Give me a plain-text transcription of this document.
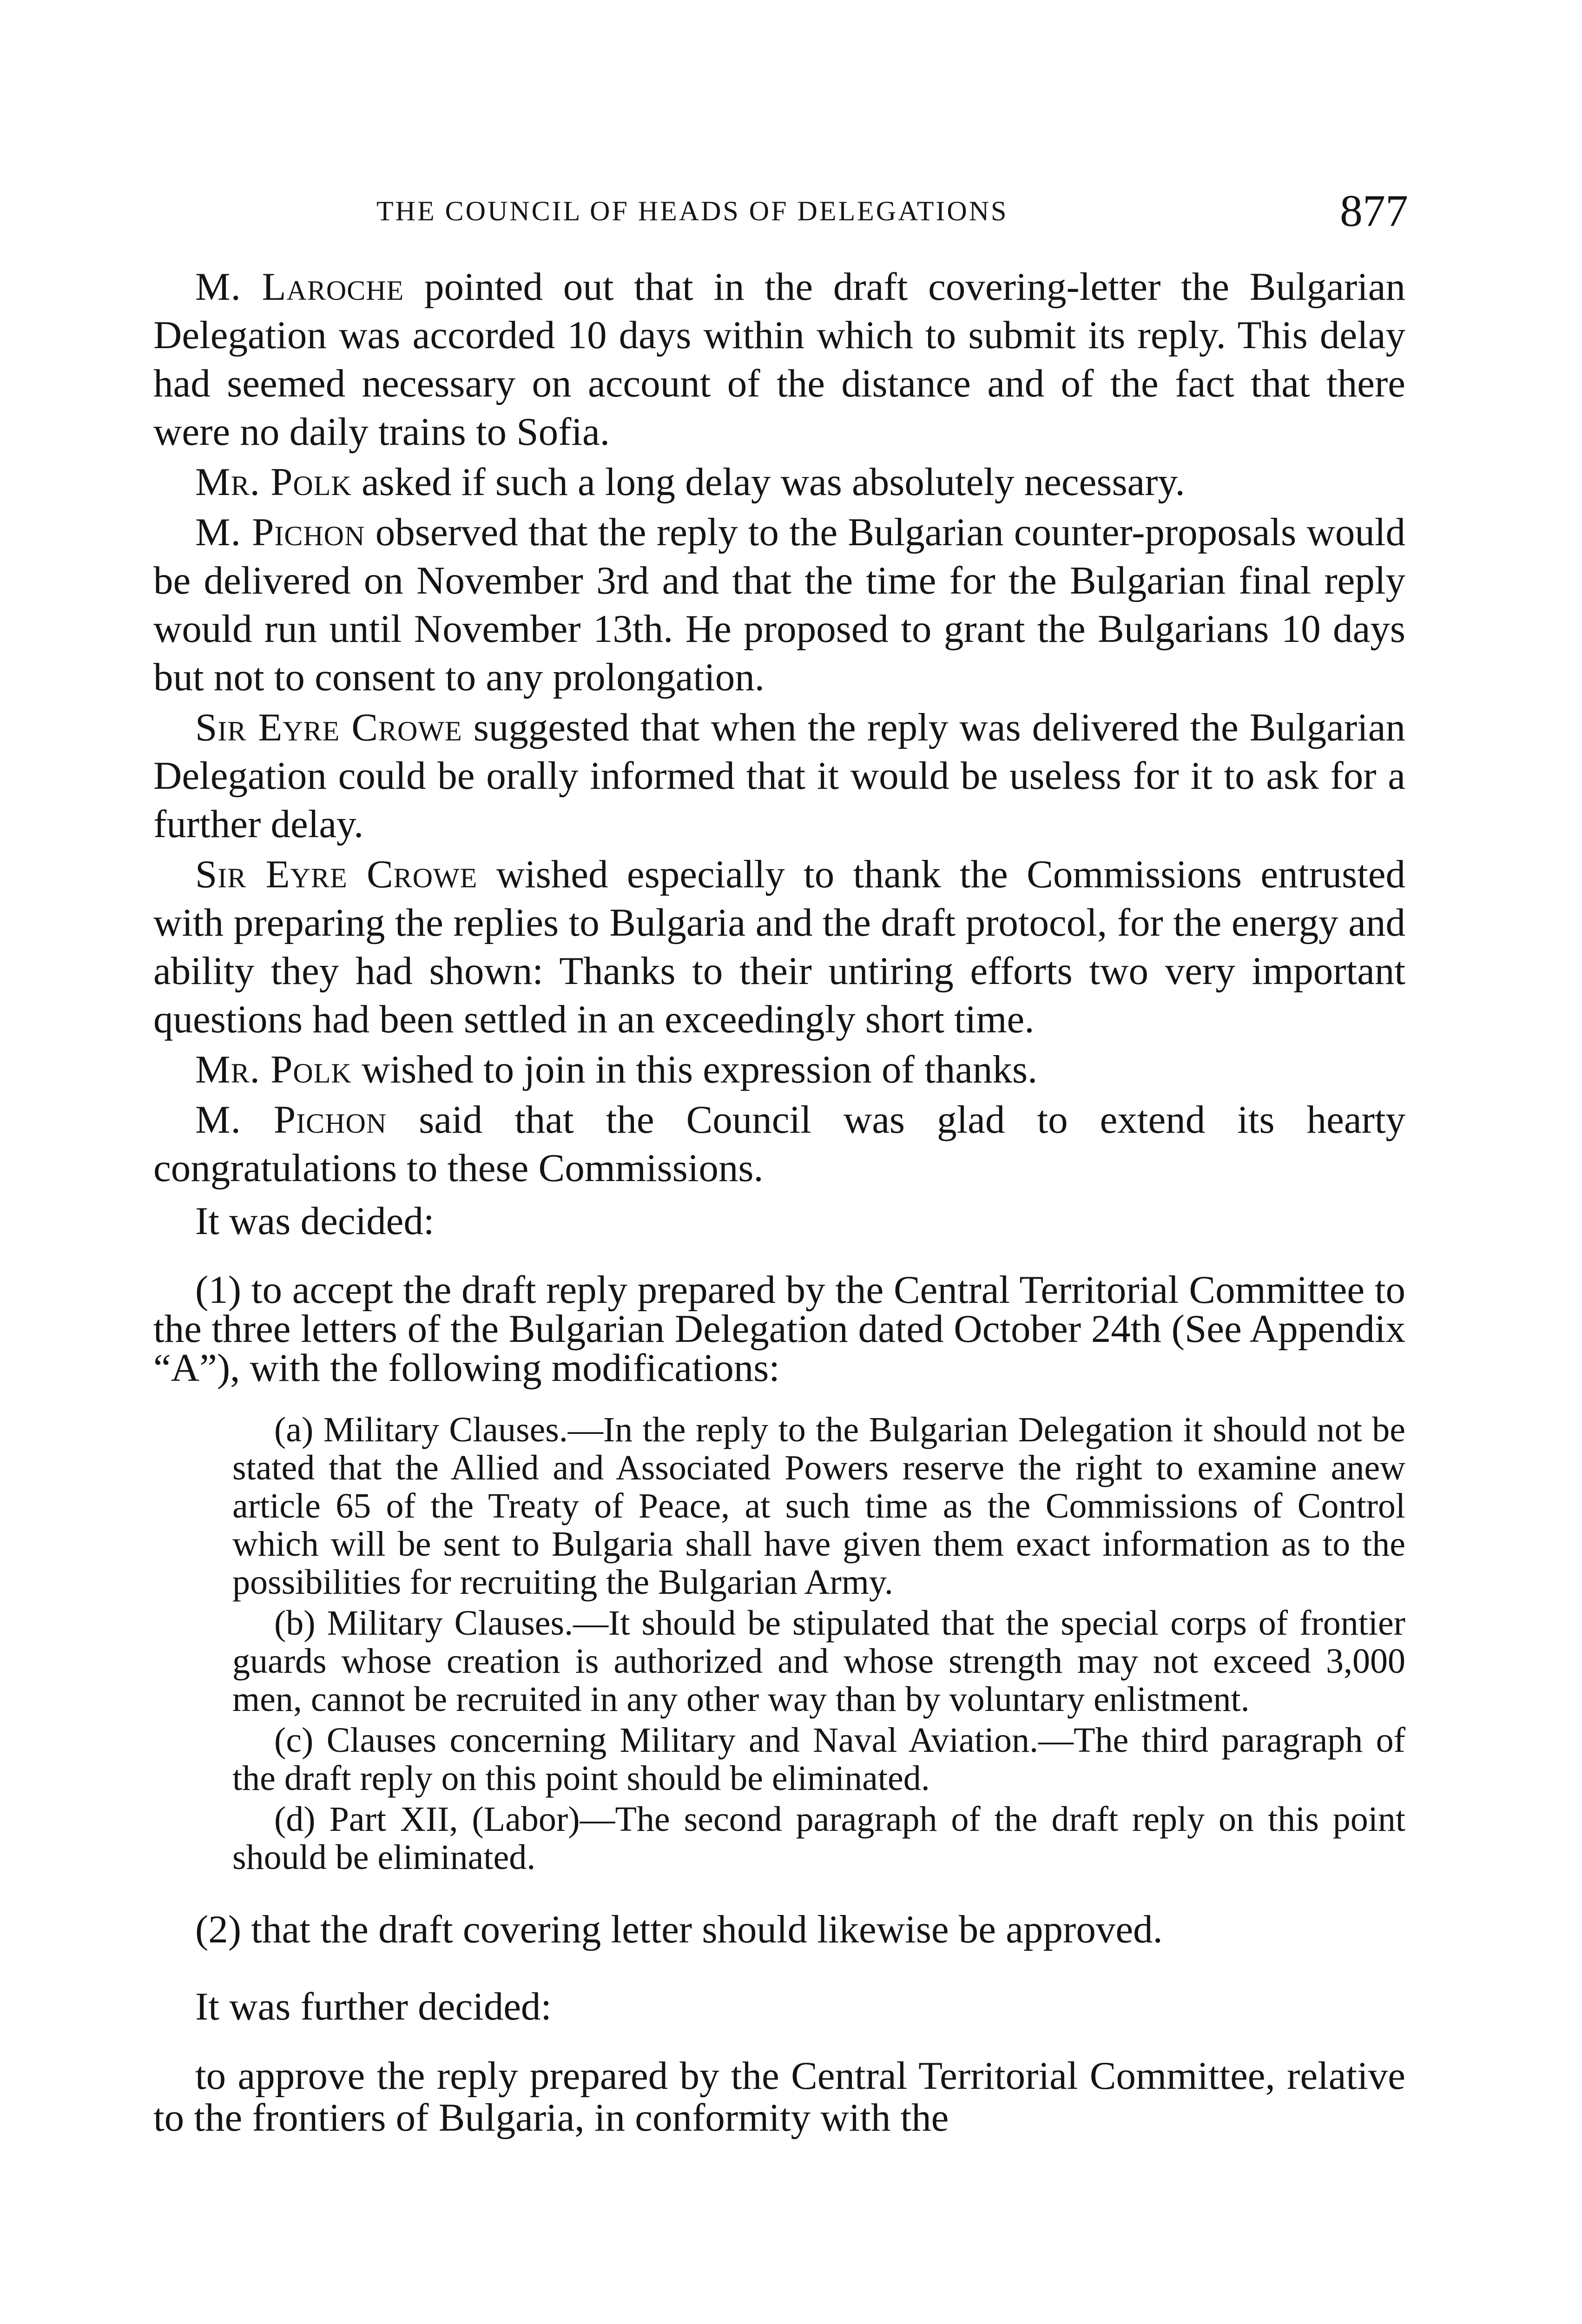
THE COUNCIL OF HEADS OF DELEGATIONS	877

M. Laroche pointed out that in the draft covering-letter the Bulgarian Delegation was accorded 10 days within which to submit its reply. This delay had seemed necessary on account of the distance and of the fact that there were no daily trains to Sofia.

Mr. Polk asked if such a long delay was absolutely necessary.

M. Pichon observed that the reply to the Bulgarian counter-proposals would be delivered on November 3rd and that the time for the Bulgarian final reply would run until November 13th. He proposed to grant the Bulgarians 10 days but not to consent to any prolongation.

Sir Eyre Crowe suggested that when the reply was delivered the Bulgarian Delegation could be orally informed that it would be useless for it to ask for a further delay.

Sir Eyre Crowe wished especially to thank the Commissions entrusted with preparing the replies to Bulgaria and the draft protocol, for the energy and ability they had shown: Thanks to their untiring efforts two very important questions had been settled in an exceedingly short time.

Mr. Polk wished to join in this expression of thanks.

M. Pichon said that the Council was glad to extend its hearty congratulations to these Commissions.

It was decided:

(1) to accept the draft reply prepared by the Central Territorial Committee to the three letters of the Bulgarian Delegation dated October 24th (See Appendix “A”), with the following modifications:

(a) Military Clauses.—In the reply to the Bulgarian Delegation it should not be stated that the Allied and Associated Powers reserve the right to examine anew article 65 of the Treaty of Peace, at such time as the Commissions of Control which will be sent to Bulgaria shall have given them exact information as to the possibilities for recruiting the Bulgarian Army.

(b) Military Clauses.—It should be stipulated that the special corps of frontier guards whose creation is authorized and whose strength may not exceed 3,000 men, cannot be recruited in any other way than by voluntary enlistment.

(c) Clauses concerning Military and Naval Aviation.—The third paragraph of the draft reply on this point should be eliminated.

(d) Part XII, (Labor)—The second paragraph of the draft reply on this point should be eliminated.

(2) that the draft covering letter should likewise be approved.

It was further decided:

to approve the reply prepared by the Central Territorial Committee, relative to the frontiers of Bulgaria, in conformity with the
